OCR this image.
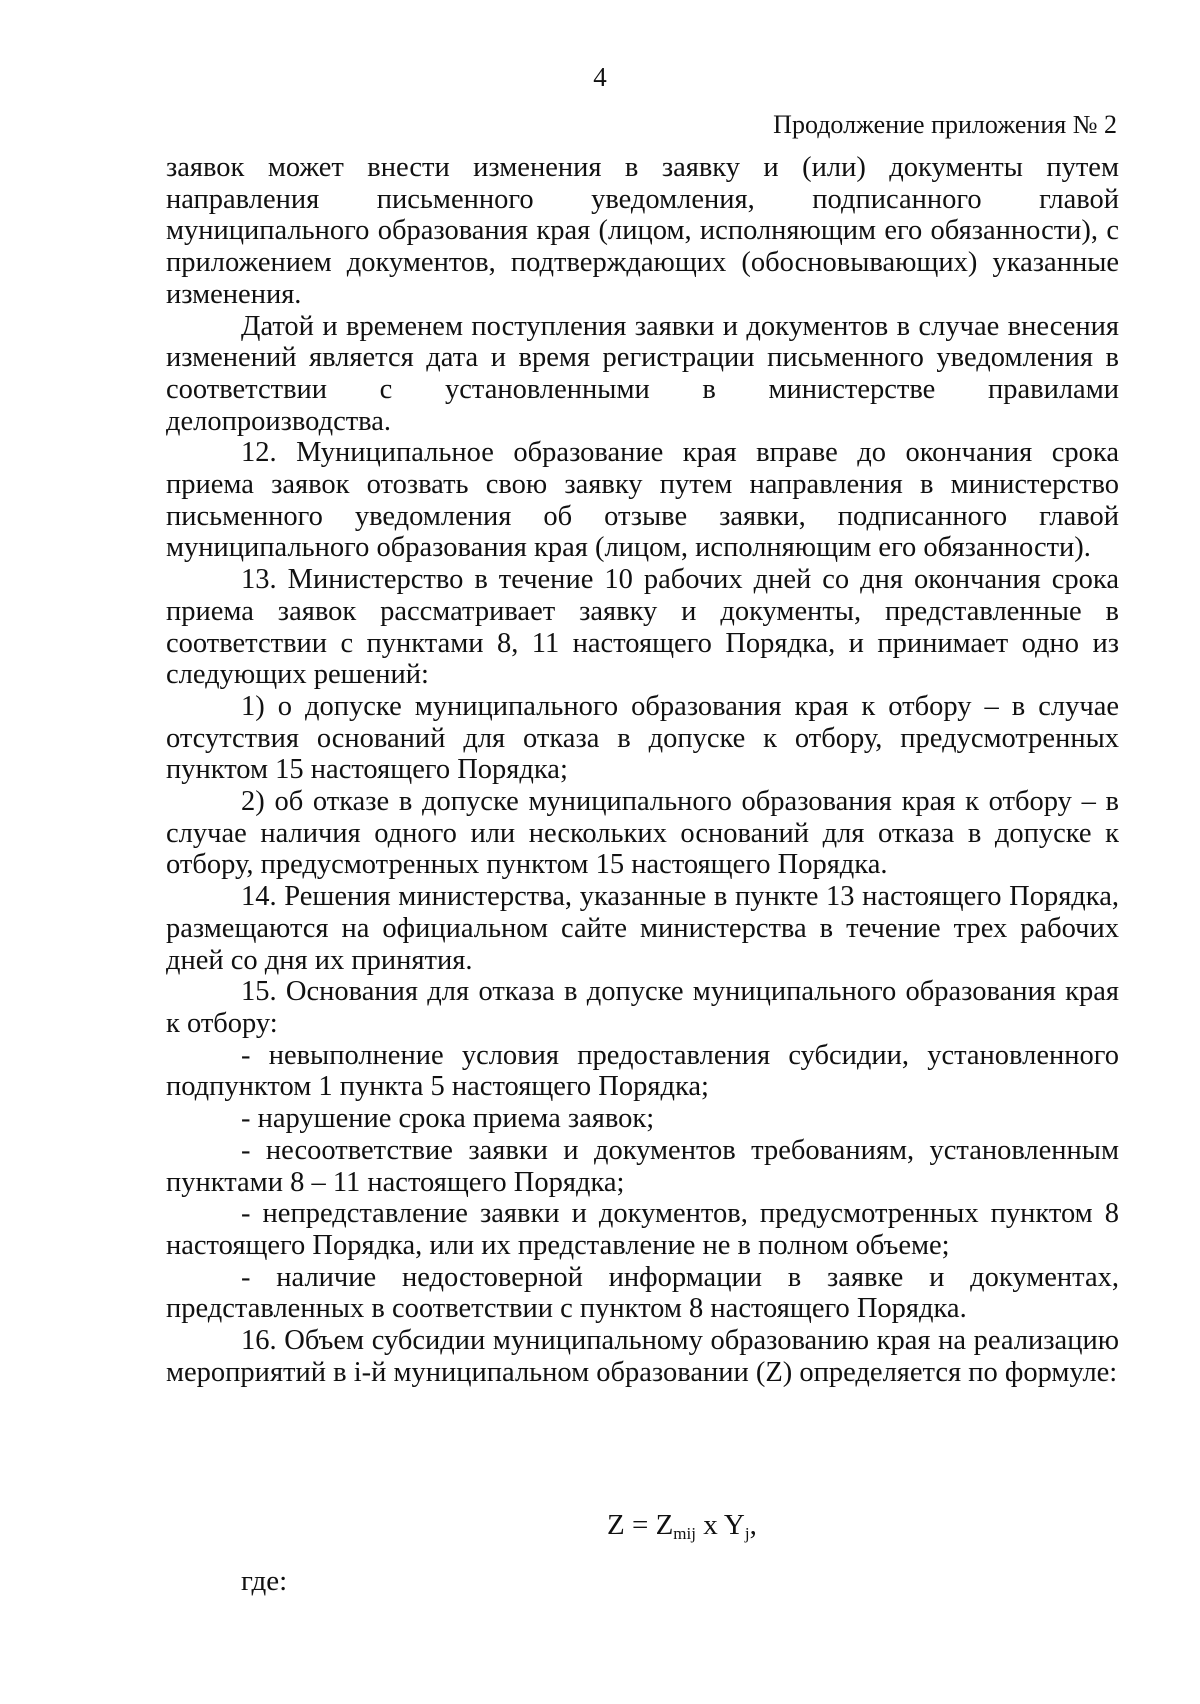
4
Продолжение приложения № 2

заявок может внести изменения в заявку и (или) документы путем направления письменного уведомления, подписанного главой муниципального образования края (лицом, исполняющим его обязанности), с приложением документов, подтверждающих (обосновывающих) указанные изменения.

Датой и временем поступления заявки и документов в случае внесения изменений является дата и время регистрации письменного уведомления в соответствии с установленными в министерстве правилами делопроизводства.

12. Муниципальное образование края вправе до окончания срока приема заявок отозвать свою заявку путем направления в министерство письменного уведомления об отзыве заявки, подписанного главой муниципального образования края (лицом, исполняющим его обязанности).

13. Министерство в течение 10 рабочих дней со дня окончания срока приема заявок рассматривает заявку и документы, представленные в соответствии с пунктами 8, 11 настоящего Порядка, и принимает одно из следующих решений:

1) о допуске муниципального образования края к отбору – в случае отсутствия оснований для отказа в допуске к отбору, предусмотренных пунктом 15 настоящего Порядка;

2) об отказе в допуске муниципального образования края к отбору – в случае наличия одного или нескольких оснований для отказа в допуске к отбору, предусмотренных пунктом 15 настоящего Порядка.

14. Решения министерства, указанные в пункте 13 настоящего Порядка, размещаются на официальном сайте министерства в течение трех рабочих дней со дня их принятия.

15. Основания для отказа в допуске муниципального образования края к отбору:

- невыполнение условия предоставления субсидии, установленного подпунктом 1 пункта 5 настоящего Порядка;

- нарушение срока приема заявок;

- несоответствие заявки и документов требованиям, установленным пунктами 8 – 11 настоящего Порядка;

- непредставление заявки и документов, предусмотренных пунктом 8 настоящего Порядка, или их представление не в полном объеме;

- наличие недостоверной информации в заявке и документах, представленных в соответствии с пунктом 8 настоящего Порядка.

16. Объем субсидии муниципальному образованию края на реализацию мероприятий в i-й муниципальном образовании (Z) определяется по формуле:

$Z = Z_{mij}$ x $Y_j$,
где:
